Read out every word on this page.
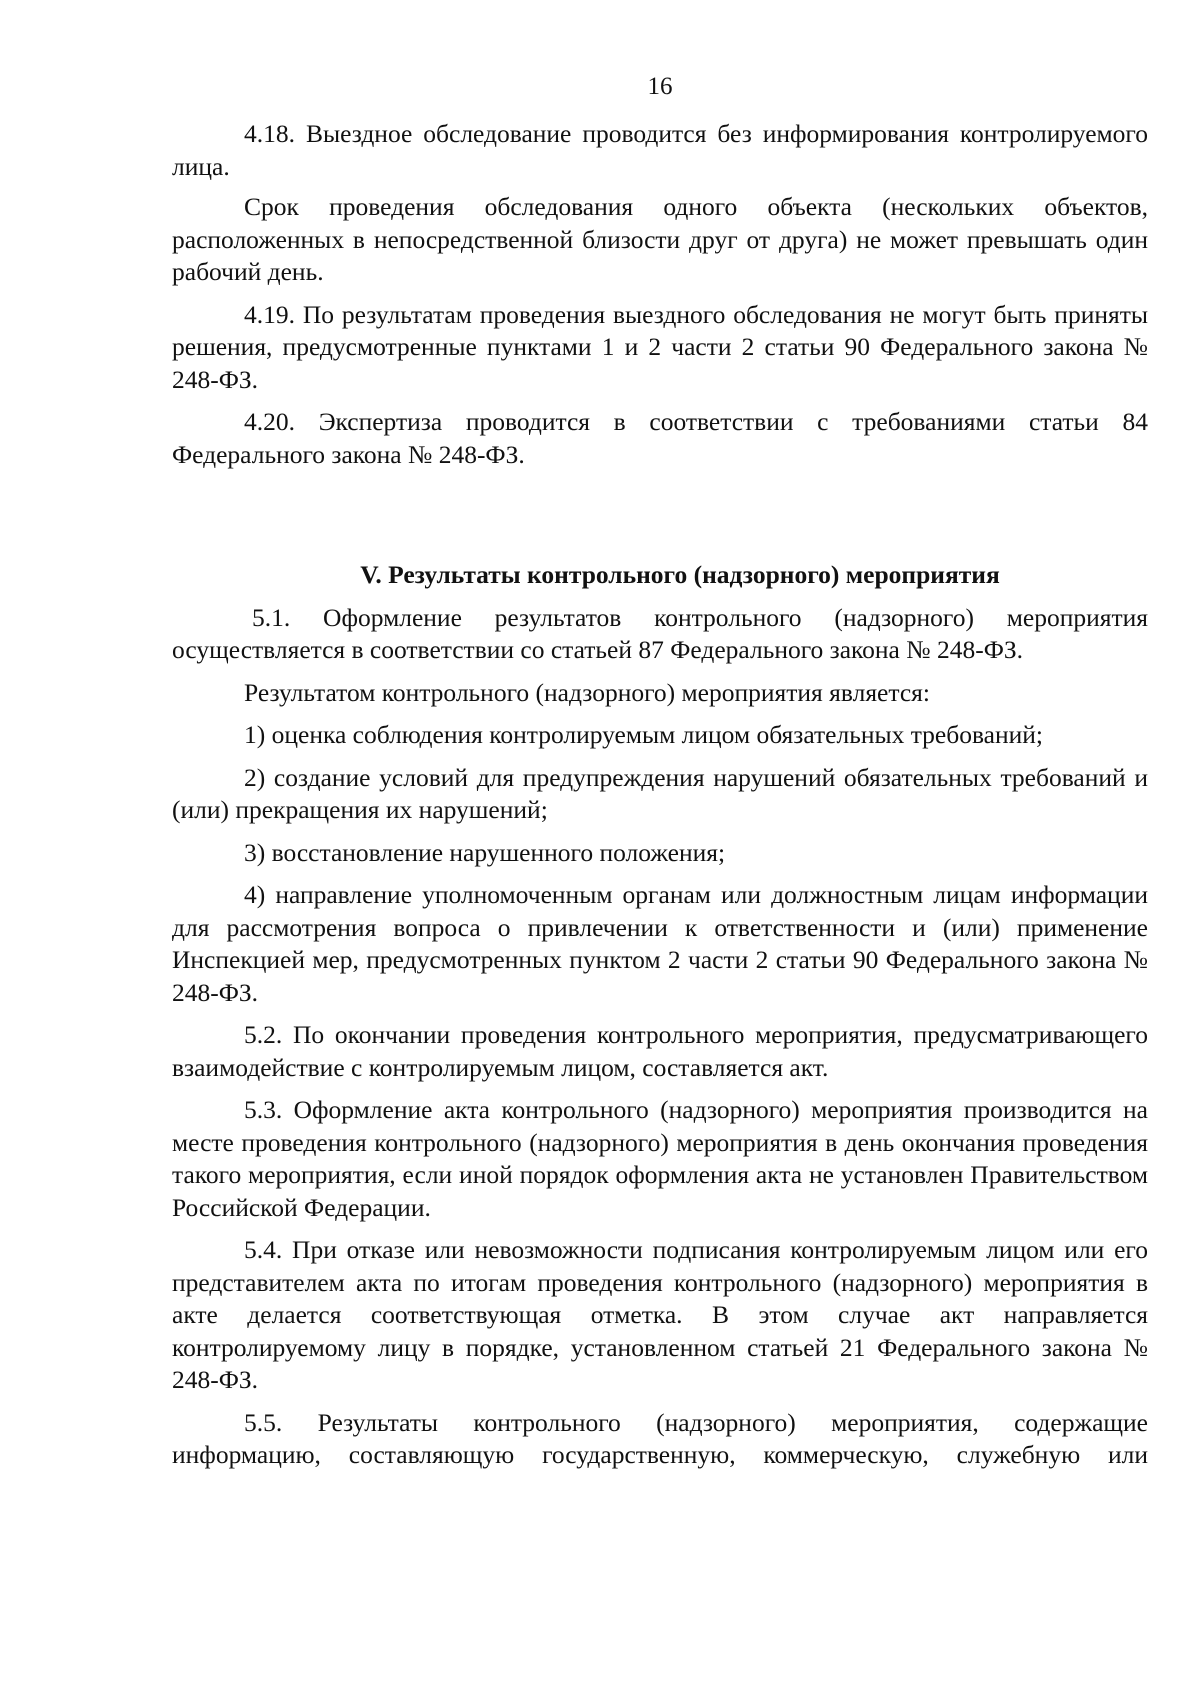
16

4.18. Выездное обследование проводится без информирования контролируемого лица.

Срок проведения обследования одного объекта (нескольких объектов, расположенных в непосредственной близости друг от друга) не может превышать один рабочий день.

4.19. По результатам проведения выездного обследования не могут быть приняты решения, предусмотренные пунктами 1 и 2 части 2 статьи 90 Федерального закона № 248-ФЗ.

4.20. Экспертиза проводится в соответствии с требованиями статьи 84 Федерального закона № 248-ФЗ.

V. Результаты контрольного (надзорного) мероприятия

5.1. Оформление результатов контрольного (надзорного) мероприятия осуществляется в соответствии со статьей 87 Федерального закона № 248-ФЗ.

Результатом контрольного (надзорного) мероприятия является:

1) оценка соблюдения контролируемым лицом обязательных требований;

2) создание условий для предупреждения нарушений обязательных требований и (или) прекращения их нарушений;

3) восстановление нарушенного положения;

4) направление уполномоченным органам или должностным лицам информации для рассмотрения вопроса о привлечении к ответственности и (или) применение Инспекцией мер, предусмотренных пунктом 2 части 2 статьи 90 Федерального закона № 248-ФЗ.

5.2. По окончании проведения контрольного мероприятия, предусматривающего взаимодействие с контролируемым лицом, составляется акт.

5.3. Оформление акта контрольного (надзорного) мероприятия производится на месте проведения контрольного (надзорного) мероприятия в день окончания проведения такого мероприятия, если иной порядок оформления акта не установлен Правительством Российской Федерации.

5.4. При отказе или невозможности подписания контролируемым лицом или его представителем акта по итогам проведения контрольного (надзорного) мероприятия в акте делается соответствующая отметка. В этом случае акт направляется контролируемому лицу в порядке, установленном статьей 21 Федерального закона № 248-ФЗ.

5.5. Результаты контрольного (надзорного) мероприятия, содержащие информацию, составляющую государственную, коммерческую, служебную или
